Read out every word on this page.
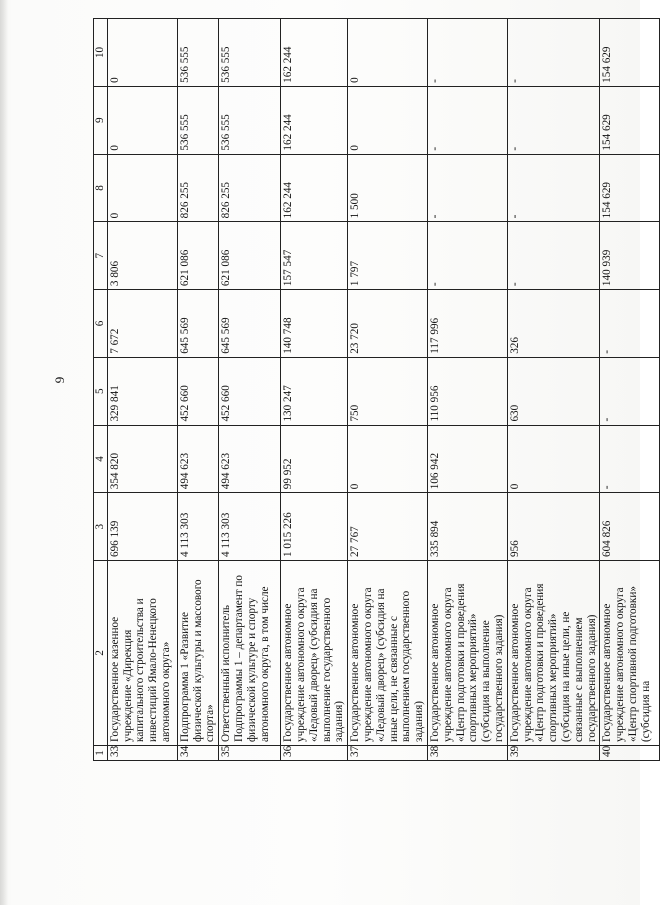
9
1	2	3	4	5	6	7	8	9	10
33	Государственное казенное учреждение «Дирекция капитального строительства и инвестиций Ямало-Ненецкого автономного округа»	696 139	354 820	329 841	7 672	3 806	0	0	0
34	Подпрограмма 1 «Развитие физической культуры и массового спорта»	4 113 303	494 623	452 660	645 569	621 086	826 255	536 555	536 555
35	Ответственный исполнитель Подпрограммы 1 – департамент по физической культуре и спорту автономного округа, в том числе	4 113 303	494 623	452 660	645 569	621 086	826 255	536 555	536 555
36	Государственное автономное учреждение автономного округа «Ледовый дворец» (субсидия на выполнение государственного задания)	1 015 226	99 952	130 247	140 748	157 547	162 244	162 244	162 244
37	Государственное автономное учреждение автономного округа «Ледовый дворец» (субсидия на иные цели, не связанные с выполнением государственного задания)	27 767	0	750	23 720	1 797	1 500	0	0
38	Государственное автономное учреждение автономного округа «Центр подготовки и проведения спортивных мероприятий» (субсидия на выполнение государственного задания)	335 894	106 942	110 956	117 996	-	-	-	-
39	Государственное автономное учреждение автономного округа «Центр подготовки и проведения спортивных мероприятий» (субсидия на иные цели, не связанные с выполнением государственного задания)	956	0	630	326	-	-	-	-
40	Государственное автономное учреждение автономного округа «Центр спортивной подготовки» (субсидия на	604 826	-	-	-	140 939	154 629	154 629	154 629
